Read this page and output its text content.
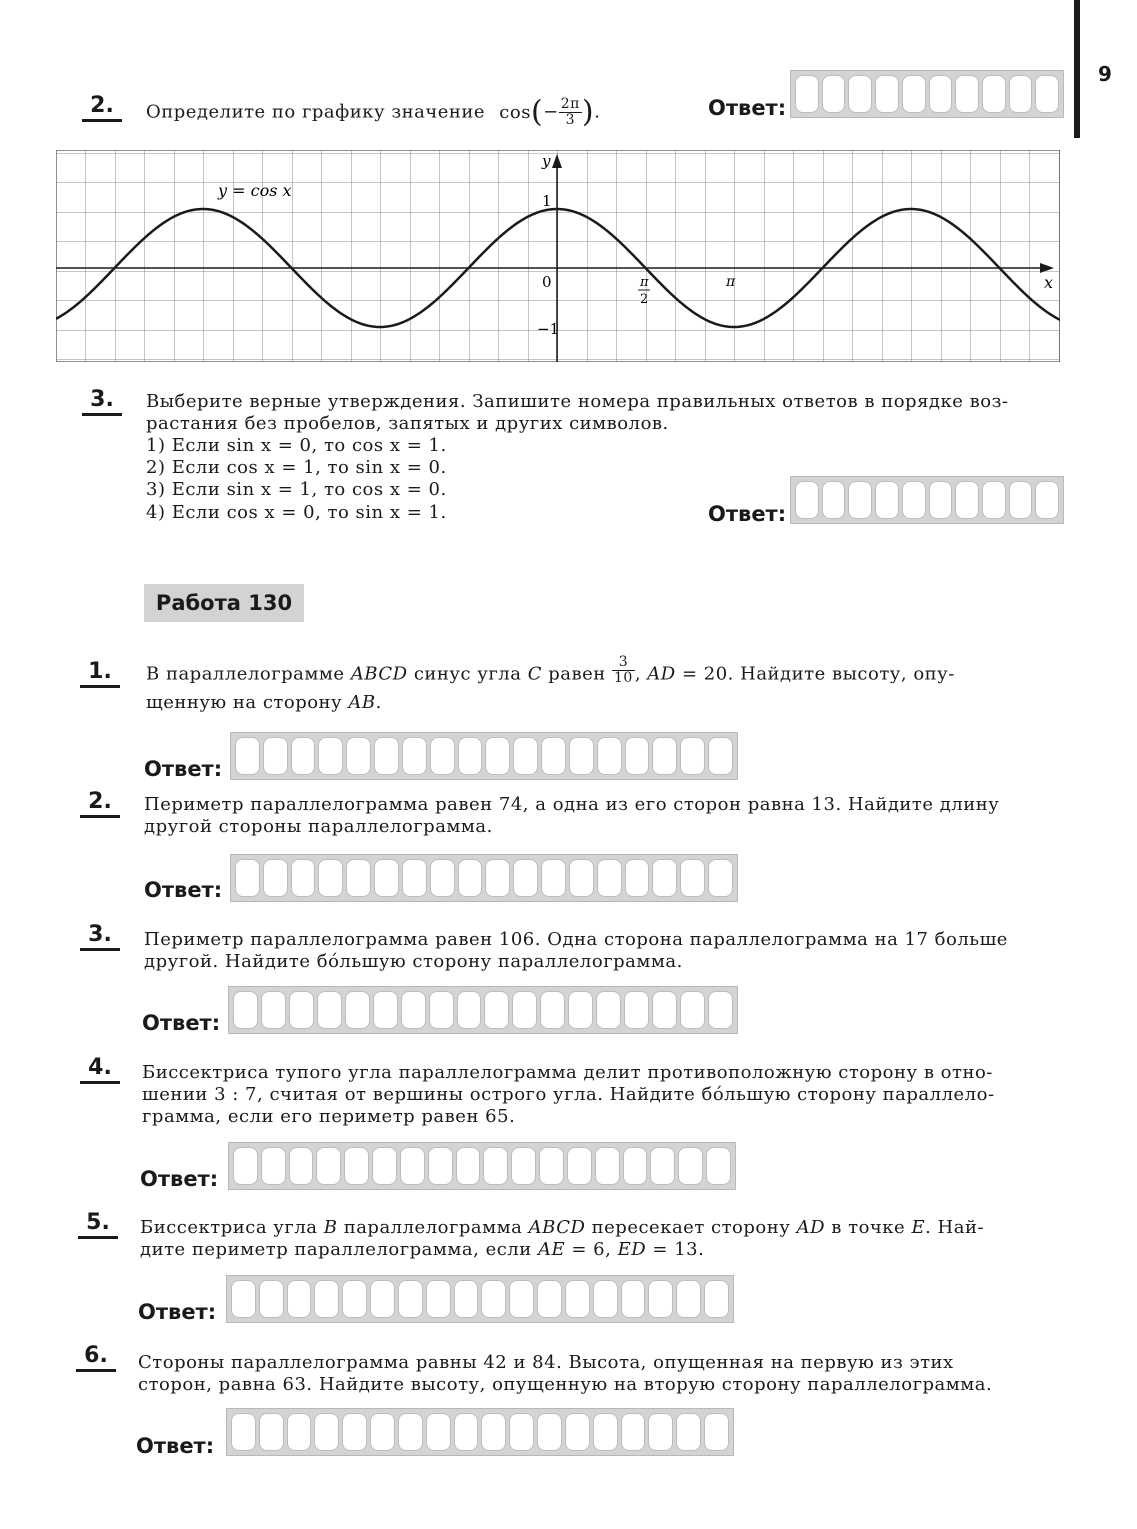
9
2.	Определите по графику значение $\cos(- \frac{2\pi}{3}$ ).	Ответ:
y = cos x
y
x
0
1
−1
π
2
π
3.	Выберите верные утверждения. Запишите номера правильных ответов в порядке воз-
растания без пробелов, запятых и других символов.
1) Если sin x = 0, то cos x = 1.
2) Если cos x = 1, то sin x = 0.
3) Если sin x = 1, то cos x = 0.
4) Если cos x = 0, то sin x = 1.	Ответ:
Работа 130
1.	В параллелограмме ABCD синус угла C равен $\frac{3}{10}$ , AD = 20. Найдите высоту, опу-
щенную на сторону AB.
Ответ:
2.	Периметр параллелограмма равен 74, а одна из его сторон равна 13. Найдите длину
другой стороны параллелограмма.
Ответ:
3.	Периметр параллелограмма равен 106. Одна сторона параллелограмма на 17 больше
другой. Найдите бо́льшую сторону параллелограмма.
Ответ:
4.	Биссектриса тупого угла параллелограмма делит противоположную сторону в отно-
шении 3 : 7, считая от вершины острого угла. Найдите бо́льшую сторону параллело-
грамма, если его периметр равен 65.
Ответ:
5.	Биссектриса угла B параллелограмма ABCD пересекает сторону AD в точке E. Най-
дите периметр параллелограмма, если AE = 6, ED = 13.
Ответ:
6.	Стороны параллелограмма равны 42 и 84. Высота, опущенная на первую из этих
сторон, равна 63. Найдите высоту, опущенную на вторую сторону параллелограмма.
Ответ:
